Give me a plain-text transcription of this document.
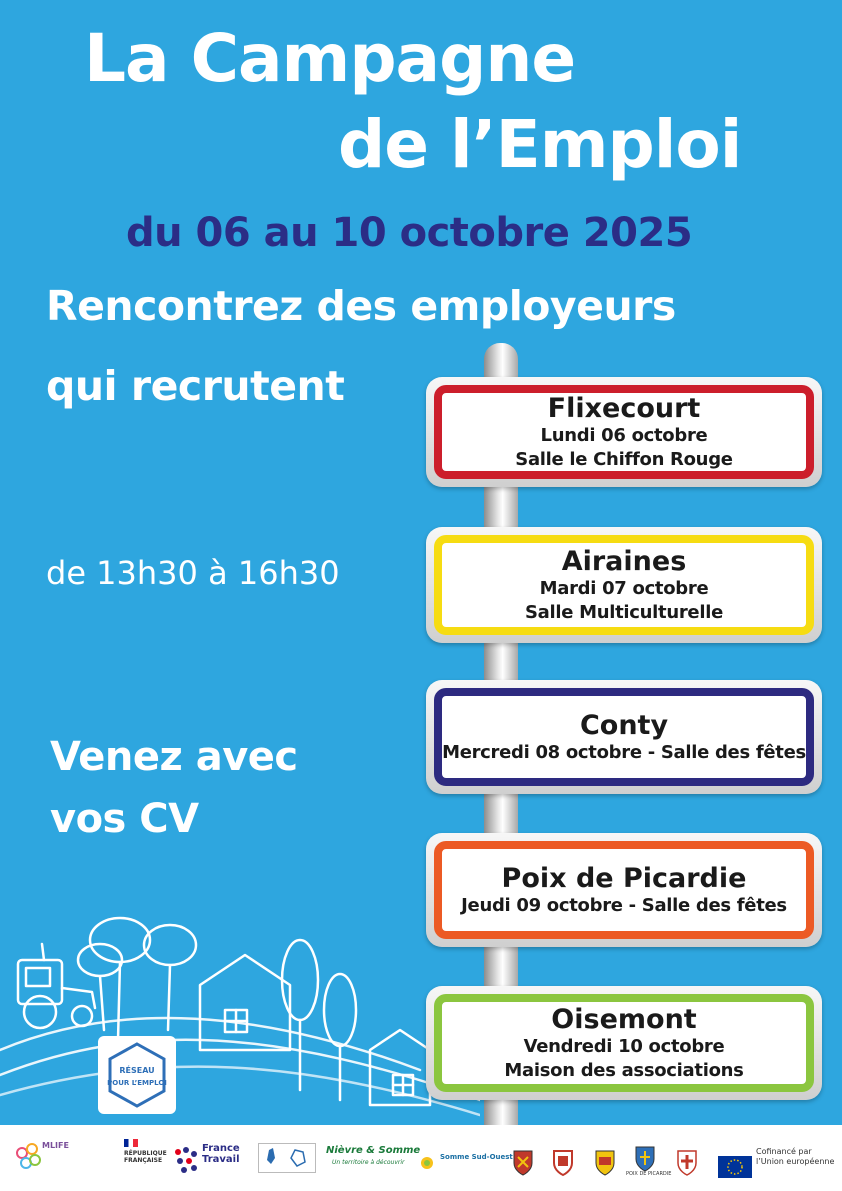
La Campagne
de l’Emploi
du 06 au 10 octobre 2025
Rencontrez des employeurs
qui recrutent
de 13h30 à 16h30
Venez avec
vos CV
RÉSEAU
POUR L’EMPLOI
Flixecourt
Lundi 06 octobre
Salle le Chiffon Rouge
Airaines
Mardi 07 octobre
Salle Multiculturelle
Conty
Mercredi 08 octobre - Salle des fêtes
Poix de Picardie
Jeudi 09 octobre - Salle des fêtes
Oisemont
Vendredi 10 octobre
Maison des associations
MLIFE
RÉPUBLIQUE FRANÇAISE
France Travail
Nièvre & Somme
Un territoire à découvrir
Somme Sud-Ouest
POIX DE PICARDIE
Cofinancé par l’Union européenne
